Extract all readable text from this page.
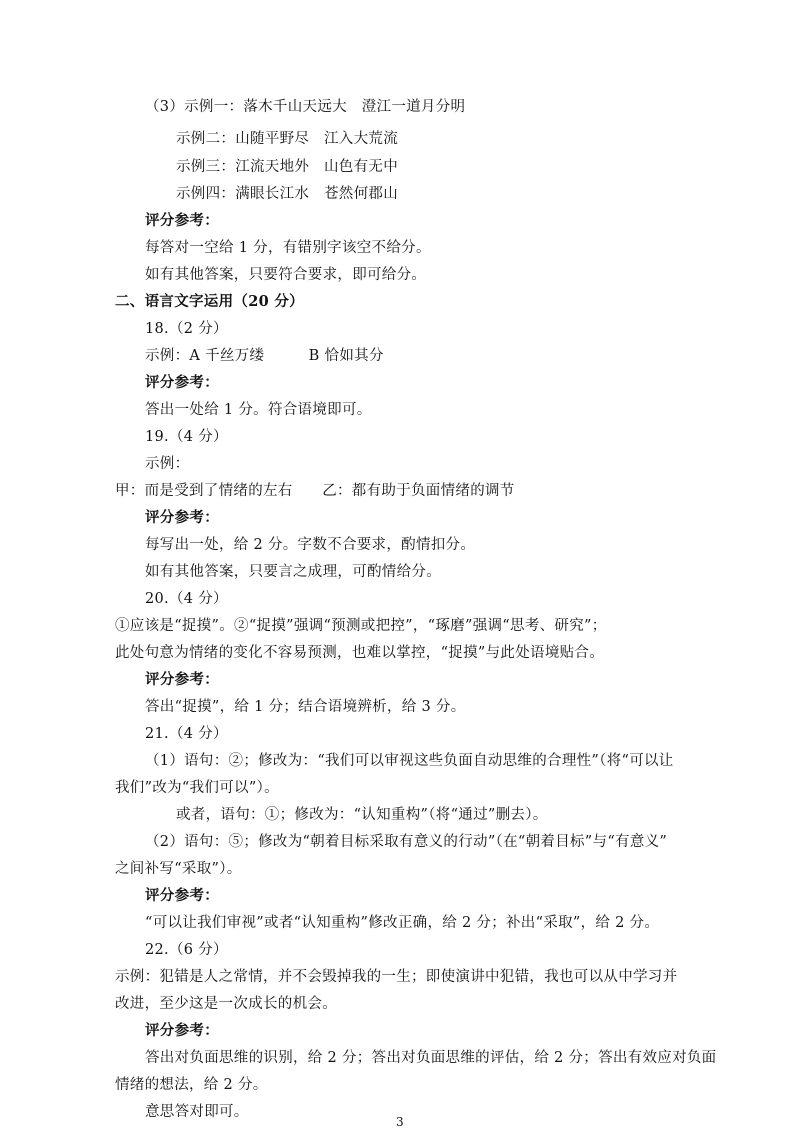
（3）示例一：落木千山天远大　澄江一道月分明
示例二：山随平野尽　江入大荒流
示例三：江流天地外　山色有无中
示例四：满眼长江水　苍然何郡山
评分参考：
每答对一空给 1 分，有错别字该空不给分。
如有其他答案，只要符合要求，即可给分。
二、语言文字运用（20 分）
18.（2 分）
示例：A 千丝万缕　　　B 恰如其分
评分参考：
答出一处给 1 分。符合语境即可。
19.（4 分）
示例：
甲：而是受到了情绪的左右　　乙：都有助于负面情绪的调节
评分参考：
每写出一处，给 2 分。字数不合要求，酌情扣分。
如有其他答案，只要言之成理，可酌情给分。
20.（4 分）
①应该是“捉摸”。②“捉摸”强调“预测或把控”，“琢磨”强调“思考、研究”；
此处句意为情绪的变化不容易预测，也难以掌控，“捉摸”与此处语境贴合。
评分参考：
答出“捉摸”，给 1 分；结合语境辨析，给 3 分。
21.（4 分）
（1）语句：②；修改为：“我们可以审视这些负面自动思维的合理性”（将“可以让
我们”改为“我们可以”）。
或者，语句：①；修改为：“认知重构”（将“通过”删去）。
（2）语句：⑤；修改为“朝着目标采取有意义的行动”（在“朝着目标”与“有意义”
之间补写“采取”）。
评分参考：
“可以让我们审视”或者“认知重构”修改正确，给 2 分；补出“采取”，给 2 分。
22.（6 分）
示例：犯错是人之常情，并不会毁掉我的一生；即使演讲中犯错，我也可以从中学习并
改进，至少这是一次成长的机会。
评分参考：
答出对负面思维的识别，给 2 分；答出对负面思维的评估，给 2 分；答出有效应对负面
情绪的想法，给 2 分。
意思答对即可。
3
